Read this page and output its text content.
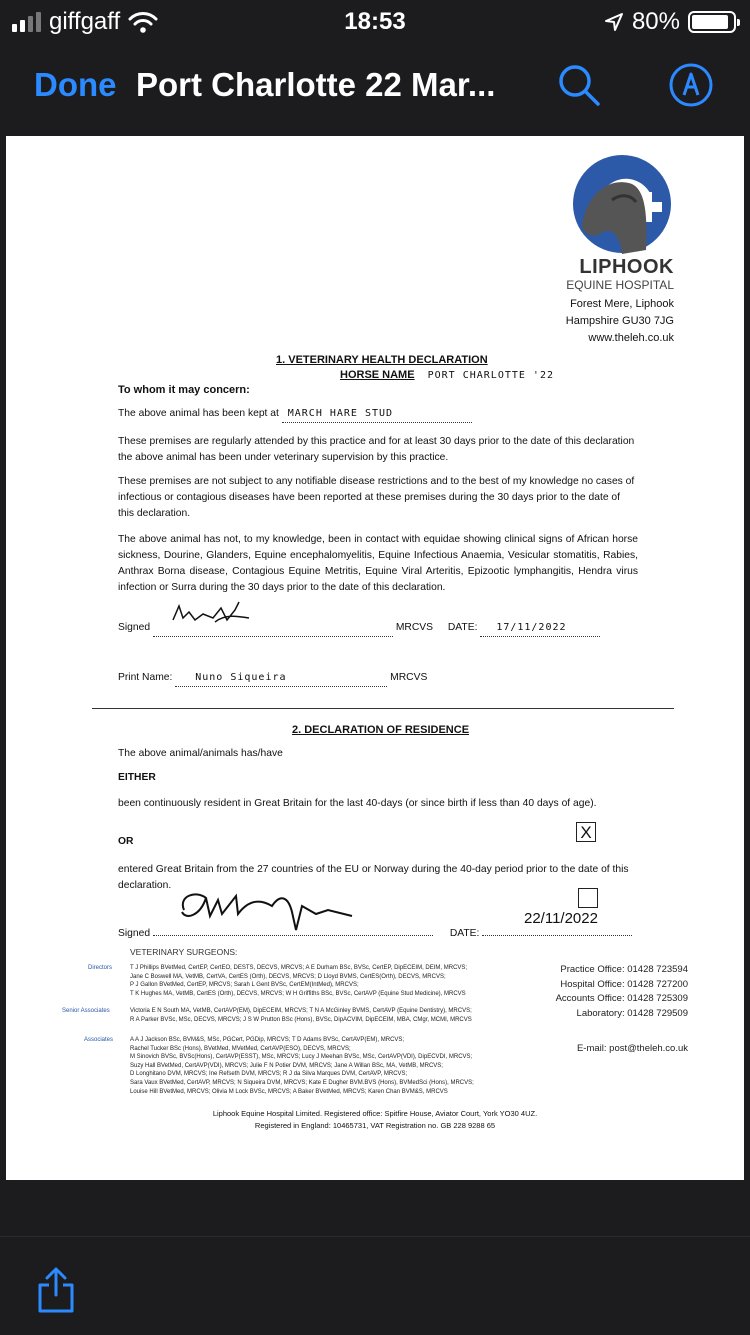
giffgaff	18:53	80%
Done Port Charlotte 22 Mar...
LIPHOOK
EQUINE HOSPITAL
Forest Mere, Liphook
Hampshire GU30 7JG
www.theleh.co.uk
1. VETERINARY HEALTH DECLARATION
HORSE NAME PORT CHARLOTTE '22
To whom it may concern:
The above animal has been kept at MARCH HARE STUD
These premises are regularly attended by this practice and for at least 30 days prior to the date of this declaration the above animal has been under veterinary supervision by this practice.
These premises are not subject to any notifiable disease restrictions and to the best of my knowledge no cases of infectious or contagious diseases have been reported at these premises during the 30 days prior to the date of this declaration.
The above animal has not, to my knowledge, been in contact with equidae showing clinical signs of African horse sickness, Dourine, Glanders, Equine encephalomyelitis, Equine Infectious Anaemia, Vesicular stomatitis, Rabies, Anthrax Borna disease, Contagious Equine Metritis, Equine Viral Arteritis, Epizootic lymphangitis, Hendra virus infection or Surra during the 30 days prior to the date of this declaration.
Signed	MRCVS DATE: 17/11/2022
Print Name: Nuno Siqueira	MRCVS
2. DECLARATION OF RESIDENCE
The above animal/animals has/have
EITHER
been continuously resident in Great Britain for the last 40-days (or since birth if less than 40 days of age).
X
OR
entered Great Britain from the 27 countries of the EU or Norway during the 40-day period prior to the date of this declaration.
22/11/2022
Signed	DATE:
VETERINARY SURGEONS:
Directors	T J Phillips BVetMed, CertEP, CertEO, DESTS, DECVS, MRCVS; A E Durham BSc, BVSc, CertEP, DipECEIM, DEIM, MRCVS;
Jane C Boswell MA, VetMB, CertVA, CertES (Orth), DECVS, MRCVS; D Lloyd BVMS, CertES(Orth), DECVS, MRCVS;
P J Gallon BVetMed, CertEP, MRCVS; Sarah L Gent BVSc, CertEM(IntMed), MRCVS;
T K Hughes MA, VetMB, CertES (Orth), DECVS, MRCVS; W H Griffiths BSc, BVSc, CertAVP (Equine Stud Medicine), MRCVS
Senior Associates	Victoria E N South MA, VetMB, CertAVP(EM), DipECEIM, MRCVS; T N A McGinley BVMS, CertAVP (Equine Dentistry), MRCVS;
R A Parker BVSc, MSc, DECVS, MRCVS; J S W Prutton BSc (Hons), BVSc, DipACVIM, DipECEIM, MBA, CMgr, MCMI, MRCVS
Associates	A A J Jackson BSc, BVM&S, MSc, PGCert, PGDip, MRCVS; T D Adams BVSc, CertAVP(EM), MRCVS;
Rachel Tucker BSc (Hons), BVetMed, MVetMed, CertAVP(ESO), DECVS, MRCVS;
M Sinovich BVSc, BVSc(Hons), CertAVP(ESST), MSc, MRCVS; Lucy J Meehan BVSc, MSc, CertAVP(VDI), DipECVDI, MRCVS;
Suzy Hall BVetMed, CertAVP(VDI), MRCVS; Julie F N Potier DVM, MRCVS; Jane A Willan BSc, MA, VetMB, MRCVS;
D Longhitano DVM, MRCVS; Ine Refseth DVM, MRCVS; R J da Silva Marques DVM, CertAVP, MRCVS;
Sara Vaux BVetMed, CertAVP, MRCVS; N Siqueira DVM, MRCVS; Kate E Dugher BVM.BVS (Hons), BVMedSci (Hons), MRCVS;
Louise Hill BVetMed, MRCVS; Olivia M Lock BVSc, MRCVS; A Baker BVetMed, MRCVS; Karen Chan BVM&S, MRCVS
Practice Office: 01428 723594
Hospital Office: 01428 727200
Accounts Office: 01428 725309
Laboratory: 01428 729509
E-mail: post@theleh.co.uk
Liphook Equine Hospital Limited. Registered office: Spitfire House, Aviator Court, York YO30 4UZ.
Registered in England: 10465731, VAT Registration no. GB 228 9288 65
